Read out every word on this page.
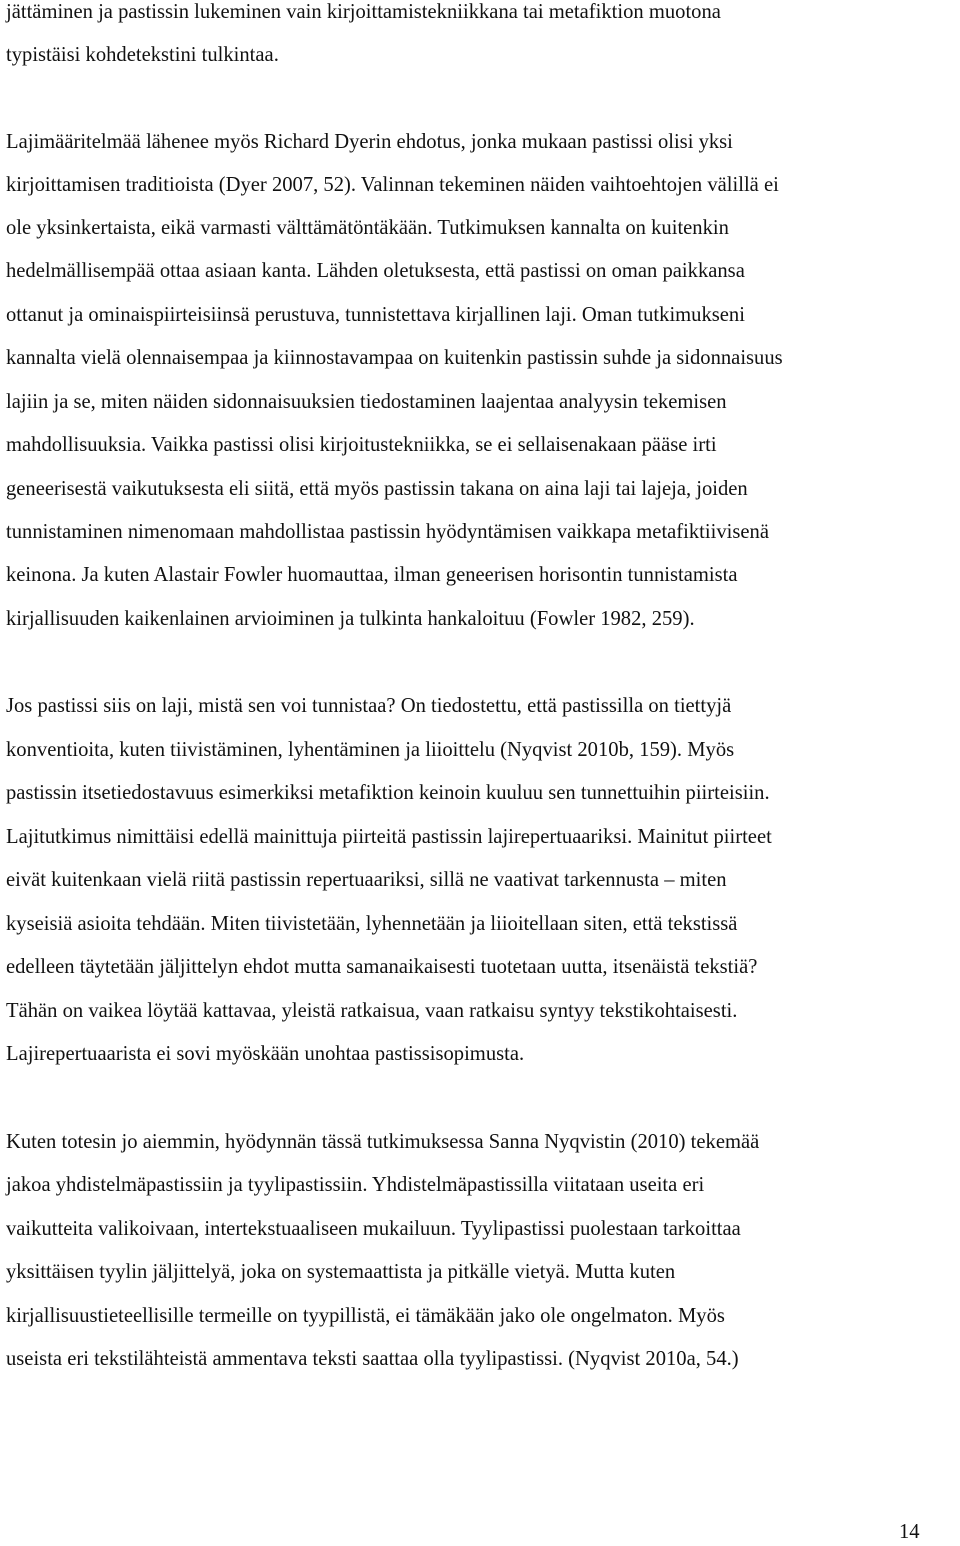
jättäminen ja pastissin lukeminen vain kirjoittamistekniikkana tai metafiktion muotona
typistäisi kohdetekstini tulkintaa.
Lajimääritelmää lähenee myös Richard Dyerin ehdotus, jonka mukaan pastissi olisi yksi
kirjoittamisen traditioista (Dyer 2007, 52). Valinnan tekeminen näiden vaihtoehtojen välillä ei
ole yksinkertaista, eikä varmasti välttämätöntäkään. Tutkimuksen kannalta on kuitenkin
hedelmällisempää ottaa asiaan kanta. Lähden oletuksesta, että pastissi on oman paikkansa
ottanut ja ominaispiirteisiinsä perustuva, tunnistettava kirjallinen laji. Oman tutkimukseni
kannalta vielä olennaisempaa ja kiinnostavampaa on kuitenkin pastissin suhde ja sidonnaisuus
lajiin ja se, miten näiden sidonnaisuuksien tiedostaminen laajentaa analyysin tekemisen
mahdollisuuksia. Vaikka pastissi olisi kirjoitustekniikka, se ei sellaisenakaan pääse irti
geneerisestä vaikutuksesta eli siitä, että myös pastissin takana on aina laji tai lajeja, joiden
tunnistaminen nimenomaan mahdollistaa pastissin hyödyntämisen vaikkapa metafiktiivisenä
keinona. Ja kuten Alastair Fowler huomauttaa, ilman geneerisen horisontin tunnistamista
kirjallisuuden kaikenlainen arvioiminen ja tulkinta hankaloituu (Fowler 1982, 259).
Jos pastissi siis on laji, mistä sen voi tunnistaa? On tiedostettu, että pastissilla on tiettyjä
konventioita, kuten tiivistäminen, lyhentäminen ja liioittelu (Nyqvist 2010b, 159). Myös
pastissin itsetiedostavuus esimerkiksi metafiktion keinoin kuuluu sen tunnettuihin piirteisiin.
Lajitutkimus nimittäisi edellä mainittuja piirteitä pastissin lajirepertuaariksi. Mainitut piirteet
eivät kuitenkaan vielä riitä pastissin repertuaariksi, sillä ne vaativat tarkennusta – miten
kyseisiä asioita tehdään. Miten tiivistetään, lyhennetään ja liioitellaan siten, että tekstissä
edelleen täytetään jäljittelyn ehdot mutta samanaikaisesti tuotetaan uutta, itsenäistä tekstiä?
Tähän on vaikea löytää kattavaa, yleistä ratkaisua, vaan ratkaisu syntyy tekstikohtaisesti.
Lajirepertuaarista ei sovi myöskään unohtaa pastissisopimusta.
Kuten totesin jo aiemmin, hyödynnän tässä tutkimuksessa Sanna Nyqvistin (2010) tekemää
jakoa yhdistelmäpastissiin ja tyylipastissiin. Yhdistelmäpastissilla viitataan useita eri
vaikutteita valikoivaan, intertekstuaaliseen mukailuun. Tyylipastissi puolestaan tarkoittaa
yksittäisen tyylin jäljittelyä, joka on systemaattista ja pitkälle vietyä. Mutta kuten
kirjallisuustieteellisille termeille on tyypillistä, ei tämäkään jako ole ongelmaton. Myös
useista eri tekstilähteistä ammentava teksti saattaa olla tyylipastissi. (Nyqvist 2010a, 54.)
14
